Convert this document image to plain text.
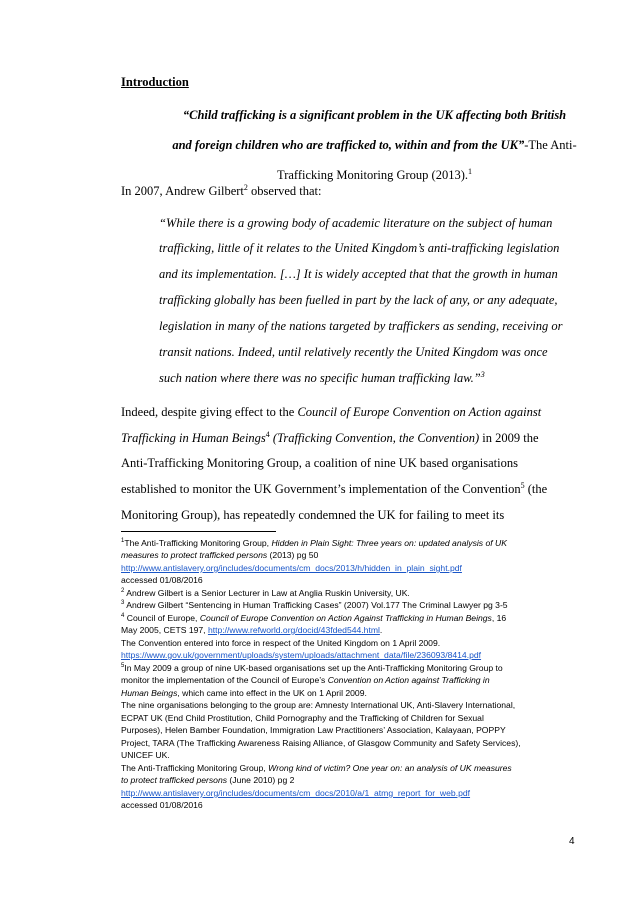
Introduction
“Child trafficking is a significant problem in the UK affecting both British
and foreign children who are trafficked to, within and from the UK”-The Anti-
Trafficking Monitoring Group (2013).$^1$
In 2007, Andrew Gilbert$^2$ observed that:
“While there is a growing body of academic literature on the subject of human
trafficking, little of it relates to the United Kingdom’s anti-trafficking legislation
and its implementation. […] It is widely accepted that that the growth in human
trafficking globally has been fuelled in part by the lack of any, or any adequate,
legislation in many of the nations targeted by traffickers as sending, receiving or
transit nations. Indeed, until relatively recently the United Kingdom was once
such nation where there was no specific human trafficking law.”$^3$
Indeed, despite giving effect to the Council of Europe Convention on Action against
Trafficking in Human Beings$^4$ (Trafficking Convention, the Convention) in 2009 the
Anti-Trafficking Monitoring Group, a coalition of nine UK based organisations
established to monitor the UK Government’s implementation of the Convention$^5$ (the
Monitoring Group), has repeatedly condemned the UK for failing to meet its
$^1$The Anti-Trafficking Monitoring Group, Hidden in Plain Sight: Three years on: updated analysis of UK
measures to protect trafficked persons (2013) pg 50
http://www.antislavery.org/includes/documents/cm_docs/2013/h/hidden_in_plain_sight.pdf
accessed 01/08/2016
$^2$ Andrew Gilbert is a Senior Lecturer in Law at Anglia Ruskin University, UK.
$^3$ Andrew Gilbert “Sentencing in Human Trafficking Cases” (2007) Vol.177 The Criminal Lawyer pg 3-5
$^4$ Council of Europe, Council of Europe Convention on Action Against Trafficking in Human Beings, 16
May 2005, CETS 197, http://www.refworld.org/docid/43fded544.html.
The Convention entered into force in respect of the United Kingdom on 1 April 2009.
https://www.gov.uk/government/uploads/system/uploads/attachment_data/file/236093/8414.pdf
$^5$In May 2009 a group of nine UK-based organisations set up the Anti-Trafficking Monitoring Group to
monitor the implementation of the Council of Europe’s Convention on Action against Trafficking in
Human Beings, which came into effect in the UK on 1 April 2009.
The nine organisations belonging to the group are: Amnesty International UK, Anti-Slavery International,
ECPAT UK (End Child Prostitution, Child Pornography and the Trafficking of Children for Sexual
Purposes), Helen Bamber Foundation, Immigration Law Practitioners’ Association, Kalayaan, POPPY
Project, TARA (The Trafficking Awareness Raising Alliance, of Glasgow Community and Safety Services),
UNICEF UK.
The Anti-Trafficking Monitoring Group, Wrong kind of victim? One year on: an analysis of UK measures
to protect trafficked persons (June 2010) pg 2
http://www.antislavery.org/includes/documents/cm_docs/2010/a/1_atmg_report_for_web.pdf
accessed 01/08/2016
4
